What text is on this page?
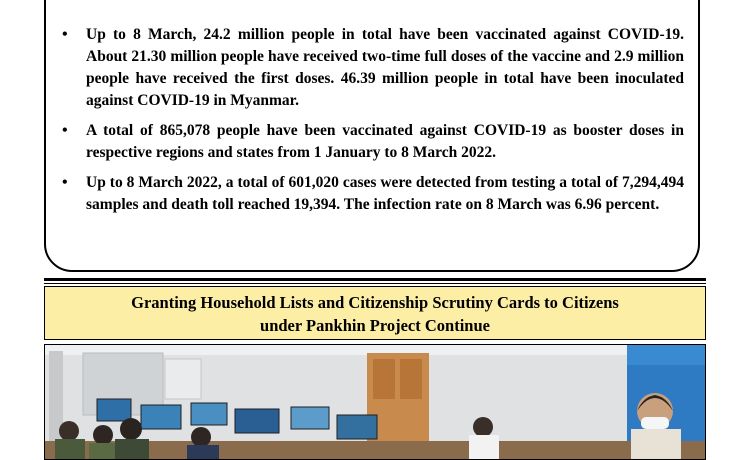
• Up to 8 March, 24.2 million people in total have been vaccinated against COVID-19. About 21.30 million people have received two-time full doses of the vaccine and 2.9 million people have received the first doses. 46.39 million people in total have been inoculated against COVID-19 in Myanmar.
• A total of 865,078 people have been vaccinated against COVID-19 as booster doses in respective regions and states from 1 January to 8 March 2022.
• Up to 8 March 2022, a total of 601,020 cases were detected from testing a total of 7,294,494 samples and death toll reached 19,394. The infection rate on 8 March was 6.96 percent.
Granting Household Lists and Citizenship Scrutiny Cards to Citizens
under Pankhin Project Continue
